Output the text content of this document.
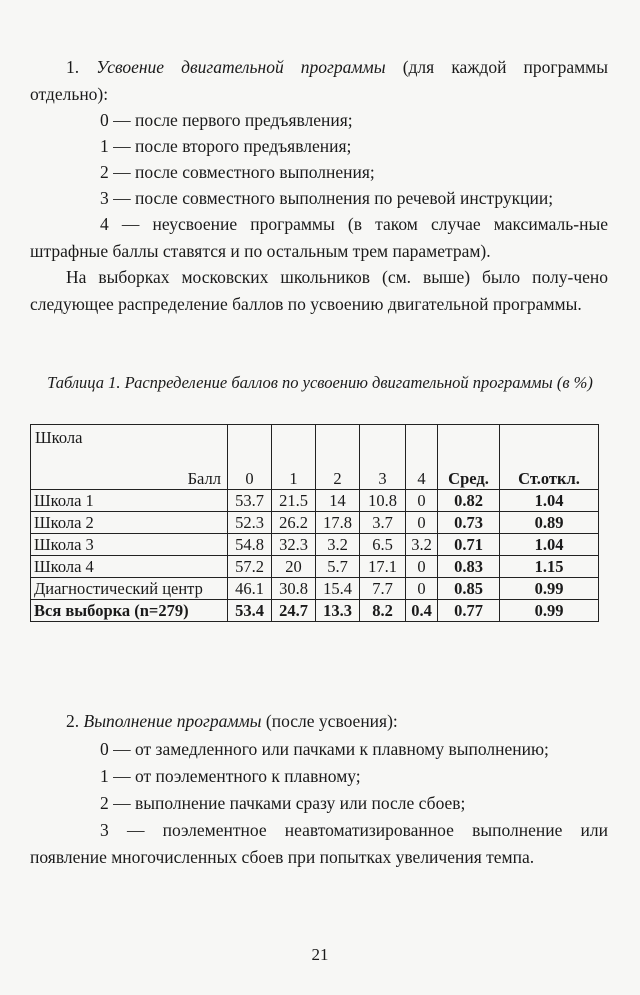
1. Усвоение двигательной программы (для каждой программы отдельно):

0 — после первого предъявления;

1 — после второго предъявления;

2 — после совместного выполнения;

3 — после совместного выполнения по речевой инструкции;

4 — неусвоение программы (в таком случае максималь-ные штрафные баллы ставятся и по остальным трем параметрам).

На выборках московских школьников (см. выше) было полу-чено следующее распределение баллов по усвоению двигательной программы.

Таблица 1. Распределение баллов по усвоению двигательной программы (в %)
Школа
Балл	0	1	2	3	4	Сред.	Ст.откл.
Школа 1	53.7	21.5	14	10.8	0	0.82	1.04
Школа 2	52.3	26.2	17.8	3.7	0	0.73	0.89
Школа 3	54.8	32.3	3.2	6.5	3.2	0.71	1.04
Школа 4	57.2	20	5.7	17.1	0	0.83	1.15
Диагностический центр	46.1	30.8	15.4	7.7	0	0.85	0.99
Вся выборка (n=279)	53.4	24.7	13.3	8.2	0.4	0.77	0.99

2. Выполнение программы (после усвоения):

0 — от замедленного или пачками к плавному выполнению;

1 — от поэлементного к плавному;

2 — выполнение пачками сразу или после сбоев;

3 — поэлементное неавтоматизированное выполнение или появление многочисленных сбоев при попытках увеличения темпа.

21
